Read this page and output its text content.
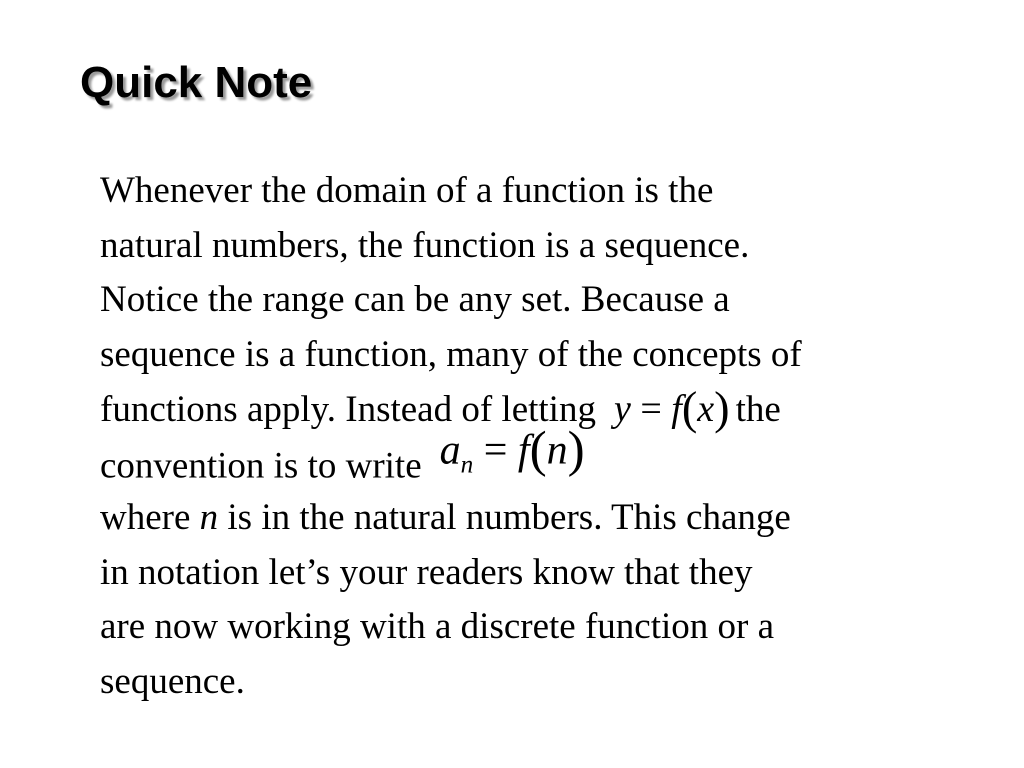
Quick Note
Whenever the domain of a function is the
natural numbers, the function is a sequence.
Notice the range can be any set. Because a
sequence is a function, many of the concepts of
functions apply. Instead of letting y = f(x) the
convention is to write $a_n = f(n)$
where n is in the natural numbers. This change
in notation let’s your readers know that they
are now working with a discrete function or a
sequence.
